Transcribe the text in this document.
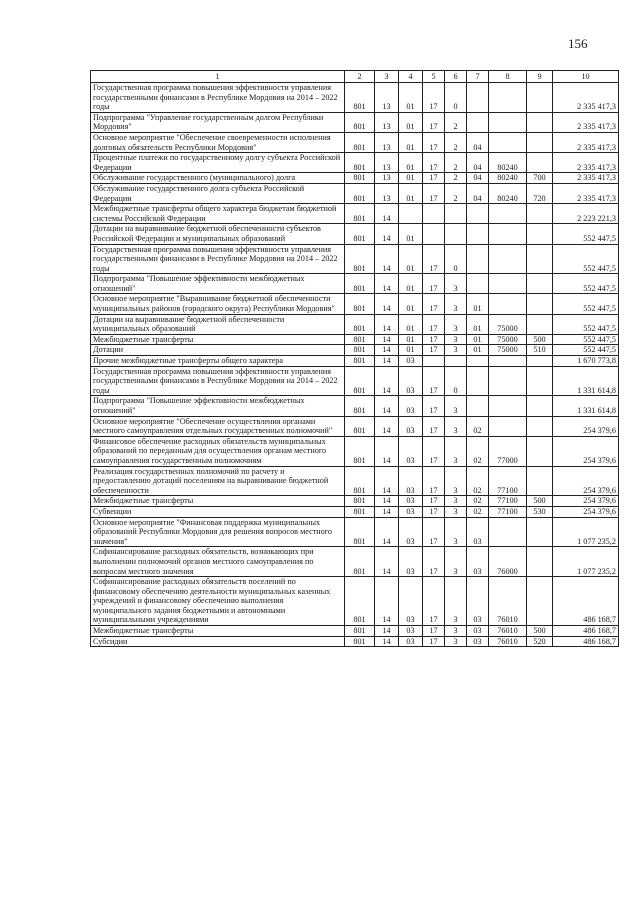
156
1	2	3	4	5	6	7	8	9	10
Государственная программа повышения эффективности управления государственными финансами в Республике Мордовия на 2014 – 2022 годы	801	13	01	17	0				2 335 417,3
Подпрограмма "Управление государственным долгом Республики Мордовия"	801	13	01	17	2				2 335 417,3
Основное мероприятие "Обеспечение своевременности исполнения долговых обязательств Республики Мордовия"	801	13	01	17	2	04			2 335 417,3
Процентные платежи по государственному долгу субъекта Российской Федерации	801	13	01	17	2	04	80240		2 335 417,3
Обслуживание государственного (муниципального) долга	801	13	01	17	2	04	80240	700	2 335 417,3
Обслуживание государственного долга субъекта Российской Федерации	801	13	01	17	2	04	80240	720	2 335 417,3
Межбюджетные трансферты общего характера бюджетам бюджетной системы Российской Федерации	801	14							2 223 221,3
Дотации на выравнивание бюджетной обеспеченности субъектов Российской Федерации и муниципальных образований	801	14	01						552 447,5
Государственная программа повышения эффективности управления государственными финансами в Республике Мордовия на 2014 – 2022 годы	801	14	01	17	0				552 447,5
Подпрограмма "Повышение эффективности межбюджетных отношений"	801	14	01	17	3				552 447,5
Основное мероприятие "Выравнивание бюджетной обеспеченности муниципальных районов (городского округа) Республики Мордовия"	801	14	01	17	3	01			552 447,5
Дотации на выравнивание бюджетной обеспеченности муниципальных образований	801	14	01	17	3	01	75000		552 447,5
Межбюджетные трансферты	801	14	01	17	3	01	75000	500	552 447,5
Дотации	801	14	01	17	3	01	75000	510	552 447,5
Прочие межбюджетные трансферты общего характера	801	14	03						1 670 773,8
Государственная программа повышения эффективности управления государственными финансами в Республике Мордовия на 2014 – 2022 годы	801	14	03	17	0				1 331 614,8
Подпрограмма "Повышение эффективности межбюджетных отношений"	801	14	03	17	3				1 331 614,8
Основное мероприятие "Обеспечение осуществления органами местного самоуправления отдельных государственных полномочий"	801	14	03	17	3	02			254 379,6
Финансовое обеспечение расходных обязательств муниципальных образований по переданным для осуществления органам местного самоуправления государственным полномочиям	801	14	03	17	3	02	77000		254 379,6
Реализация государственных полномочий по расчету и предоставлению дотаций поселениям на выравнивание бюджетной обеспеченности	801	14	03	17	3	02	77100		254 379,6
Межбюджетные трансферты	801	14	03	17	3	02	77100	500	254 379,6
Субвенции	801	14	03	17	3	02	77100	530	254 379,6
Основное мероприятие "Финансовая поддержка муниципальных образований Республики Мордовия для решения вопросов местного значения"	801	14	03	17	3	03			1 077 235,2
Софинансирование расходных обязательств, возникающих при выполнении полномочий органов местного самоуправления по вопросам местного значения	801	14	03	17	3	03	76000		1 077 235,2
Софинансирование расходных обязательств поселений по финансовому обеспечению деятельности муниципальных казенных учреждений и финансовому обеспечению выполнения муниципального задания бюджетными и автономными муниципальными учреждениями	801	14	03	17	3	03	76010		486 168,7
Межбюджетные трансферты	801	14	03	17	3	03	76010	500	486 168,7
Субсидии	801	14	03	17	3	03	76010	520	486 168,7
